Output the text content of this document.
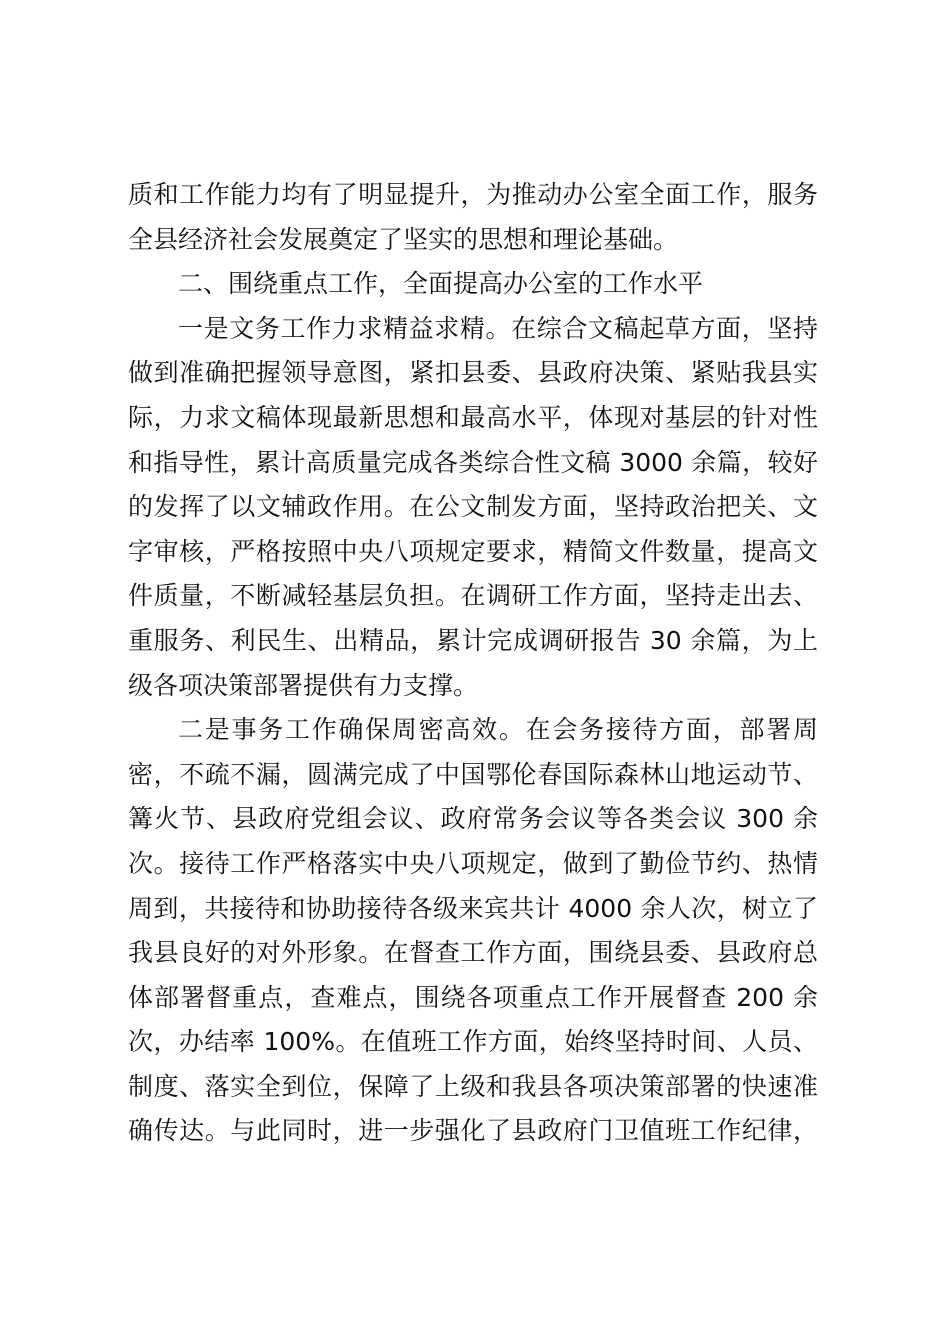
质和工作能力均有了明显提升，为推动办公室全面工作，服务
全县经济社会发展奠定了坚实的思想和理论基础。
二、围绕重点工作，全面提高办公室的工作水平
一是文务工作力求精益求精。在综合文稿起草方面，坚持
做到准确把握领导意图，紧扣县委、县政府决策、紧贴我县实
际，力求文稿体现最新思想和最高水平，体现对基层的针对性
和指导性，累计高质量完成各类综合性文稿 3000 余篇，较好
的发挥了以文辅政作用。在公文制发方面，坚持政治把关、文
字审核，严格按照中央八项规定要求，精简文件数量，提高文
件质量，不断减轻基层负担。在调研工作方面，坚持走出去、
重服务、利民生、出精品，累计完成调研报告 30 余篇，为上
级各项决策部署提供有力支撑。
二是事务工作确保周密高效。在会务接待方面，部署周
密，不疏不漏，圆满完成了中国鄂伦春国际森林山地运动节、
篝火节、县政府党组会议、政府常务会议等各类会议 300 余
次。接待工作严格落实中央八项规定，做到了勤俭节约、热情
周到，共接待和协助接待各级来宾共计 4000 余人次，树立了
我县良好的对外形象。在督查工作方面，围绕县委、县政府总
体部署督重点，查难点，围绕各项重点工作开展督查 200 余
次，办结率 100%。在值班工作方面，始终坚持时间、人员、
制度、落实全到位，保障了上级和我县各项决策部署的快速准
确传达。与此同时，进一步强化了县政府门卫值班工作纪律，
